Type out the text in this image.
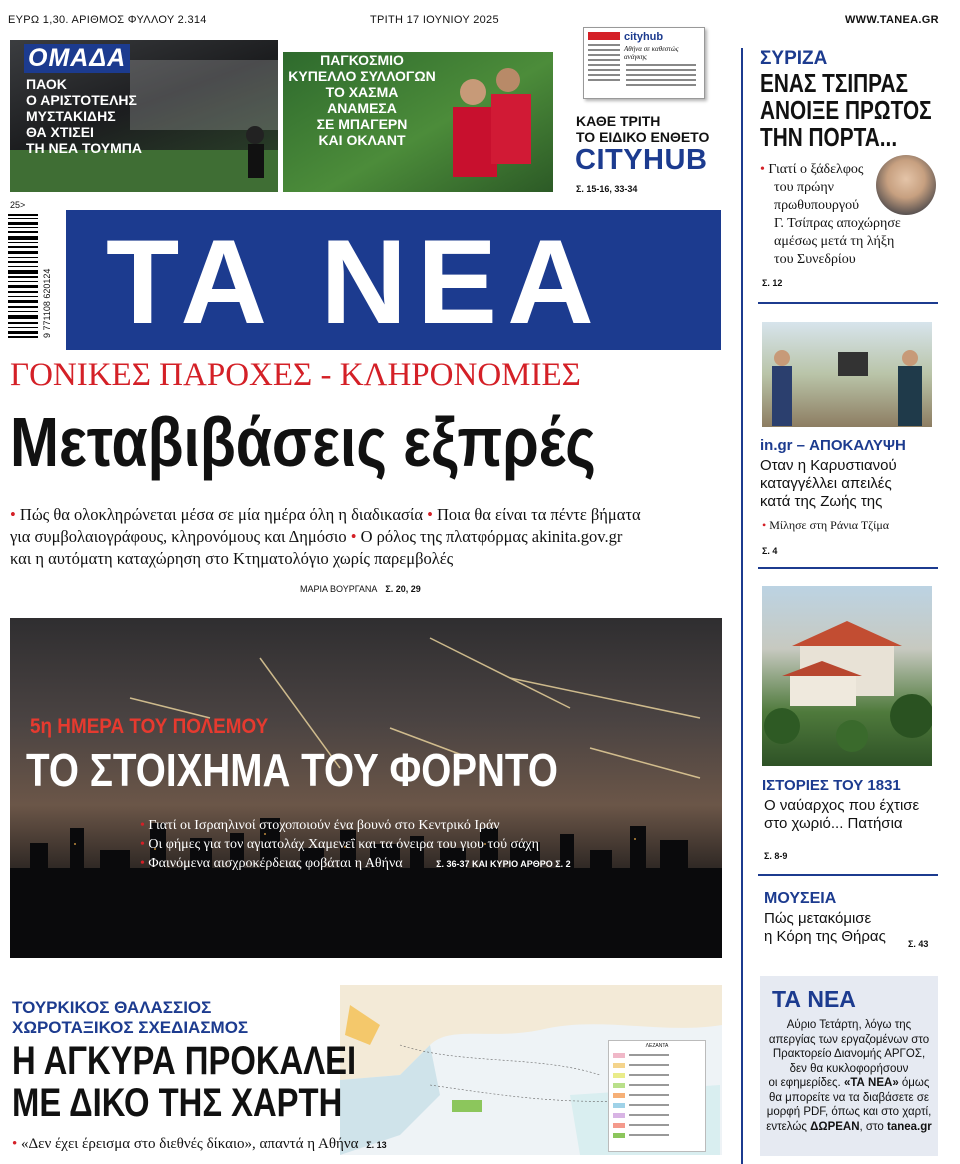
ΕΥΡΩ 1,30. ΑΡΙΘΜΟΣ ΦΥΛΛΟΥ 2.314	ΤΡΙΤΗ 17 ΙΟΥΝΙΟΥ 2025	WWW.TANEA.GR
ΟΜΑΔΑ
ΠΑΟΚ
Ο ΑΡΙΣΤΟΤΕΛΗΣ
ΜΥΣΤΑΚΙΔΗΣ
ΘΑ ΧΤΙΣΕΙ
ΤΗ ΝΕΑ ΤΟΥΜΠΑ
ΠΑΓΚΟΣΜΙΟ
ΚΥΠΕΛΛΟ ΣΥΛΛΟΓΩΝ
ΤΟ ΧΑΣΜΑ
ΑΝΑΜΕΣΑ
ΣΕ ΜΠΑΓΕΡΝ
ΚΑΙ ΟΚΛΑΝΤ
cityhub
Αθήνα σε καθεστώς ανάγκης
ΚΑΘΕ ΤΡΙΤΗ
ΤΟ ΕΙΔΙΚΟ ΕΝΘΕΤΟ
CITYHUB
Σ. 15-16, 33-34
25>
9 771108 620124 ΤΑ ΝΕΑ
ΓΟΝΙΚΕΣ ΠΑΡΟΧΕΣ - ΚΛΗΡΟΝΟΜΙΕΣ
Μεταβιβάσεις εξπρές
• Πώς θα ολοκληρώνεται μέσα σε μία ημέρα όλη η διαδικασία • Ποια θα είναι τα πέντε βήματα
για συμβολαιογράφους, κληρονόμους και Δημόσιο • Ο ρόλος της πλατφόρμας akinita.gov.gr
και η αυτόματη καταχώρηση στο Κτηματολόγιο χωρίς παρεμβολές
ΜΑΡΙΑ ΒΟΥΡΓΑΝΑ Σ. 20, 29
5η ΗΜΕΡΑ ΤΟΥ ΠΟΛΕΜΟΥ
ΤΟ ΣΤΟΙΧΗΜΑ ΤΟΥ ΦΟΡΝΤΟ
• Γιατί οι Ισραηλινοί στοχοποιούν ένα βουνό στο Κεντρικό Ιράν
• Οι φήμες για τον αγιατολάχ Χαμενεΐ και τα όνειρα του γιου τού σάχη
• Φαινόμενα αισχροκέρδειας φοβάται η Αθήνα	Σ. 36-37 ΚΑΙ ΚΥΡΙΟ ΑΡΘΡΟ Σ. 2
ΛΕΖΑΝΤΑ
ΤΟΥΡΚΙΚΟΣ ΘΑΛΑΣΣΙΟΣ
ΧΩΡΟΤΑΞΙΚΟΣ ΣΧΕΔΙΑΣΜΟΣ
Η ΑΓΚΥΡΑ ΠΡΟΚΑΛΕΙ
ΜΕ ΔΙΚΟ ΤΗΣ ΧΑΡΤΗ
• «Δεν έχει έρεισμα στο διεθνές δίκαιο», απαντά η Αθήνα Σ. 13
ΣΥΡΙΖΑ
ΕΝΑΣ ΤΣΙΠΡΑΣ
ΑΝΟΙΞΕ ΠΡΩΤΟΣ
ΤΗΝ ΠΟΡΤΑ...
• Γιατί ο ξάδελφος
του πρώην
πρωθυπουργού
Γ. Τσίπρας αποχώρησε
αμέσως μετά τη λήξη
του Συνεδρίου
Σ. 12
in.gr – ΑΠΟΚΑΛΥΨΗ
Οταν η Καρυστιανού
καταγγέλλει απειλές
κατά της Ζωής της
• Μίλησε στη Ράνια Τζίμα
Σ. 4
ΙΣΤΟΡΙΕΣ ΤΟΥ 1831
Ο ναύαρχος που έχτισε
στο χωριό... Πατήσια
Σ. 8-9
ΜΟΥΣΕΙΑ
Πώς μετακόμισε
η Κόρη της Θήρας Σ. 43
ΤΑ ΝΕΑ
Αύριο Τετάρτη, λόγω της
απεργίας των εργαζομένων στο
Πρακτορείο Διανομής ΑΡΓΟΣ,
δεν θα κυκλοφορήσουν
οι εφημερίδες. «ΤΑ ΝΕΑ» όμως
θα μπορείτε να τα διαβάσετε σε
μορφή PDF, όπως και στο χαρτί,
εντελώς ΔΩΡΕΑΝ, στο tanea.gr
